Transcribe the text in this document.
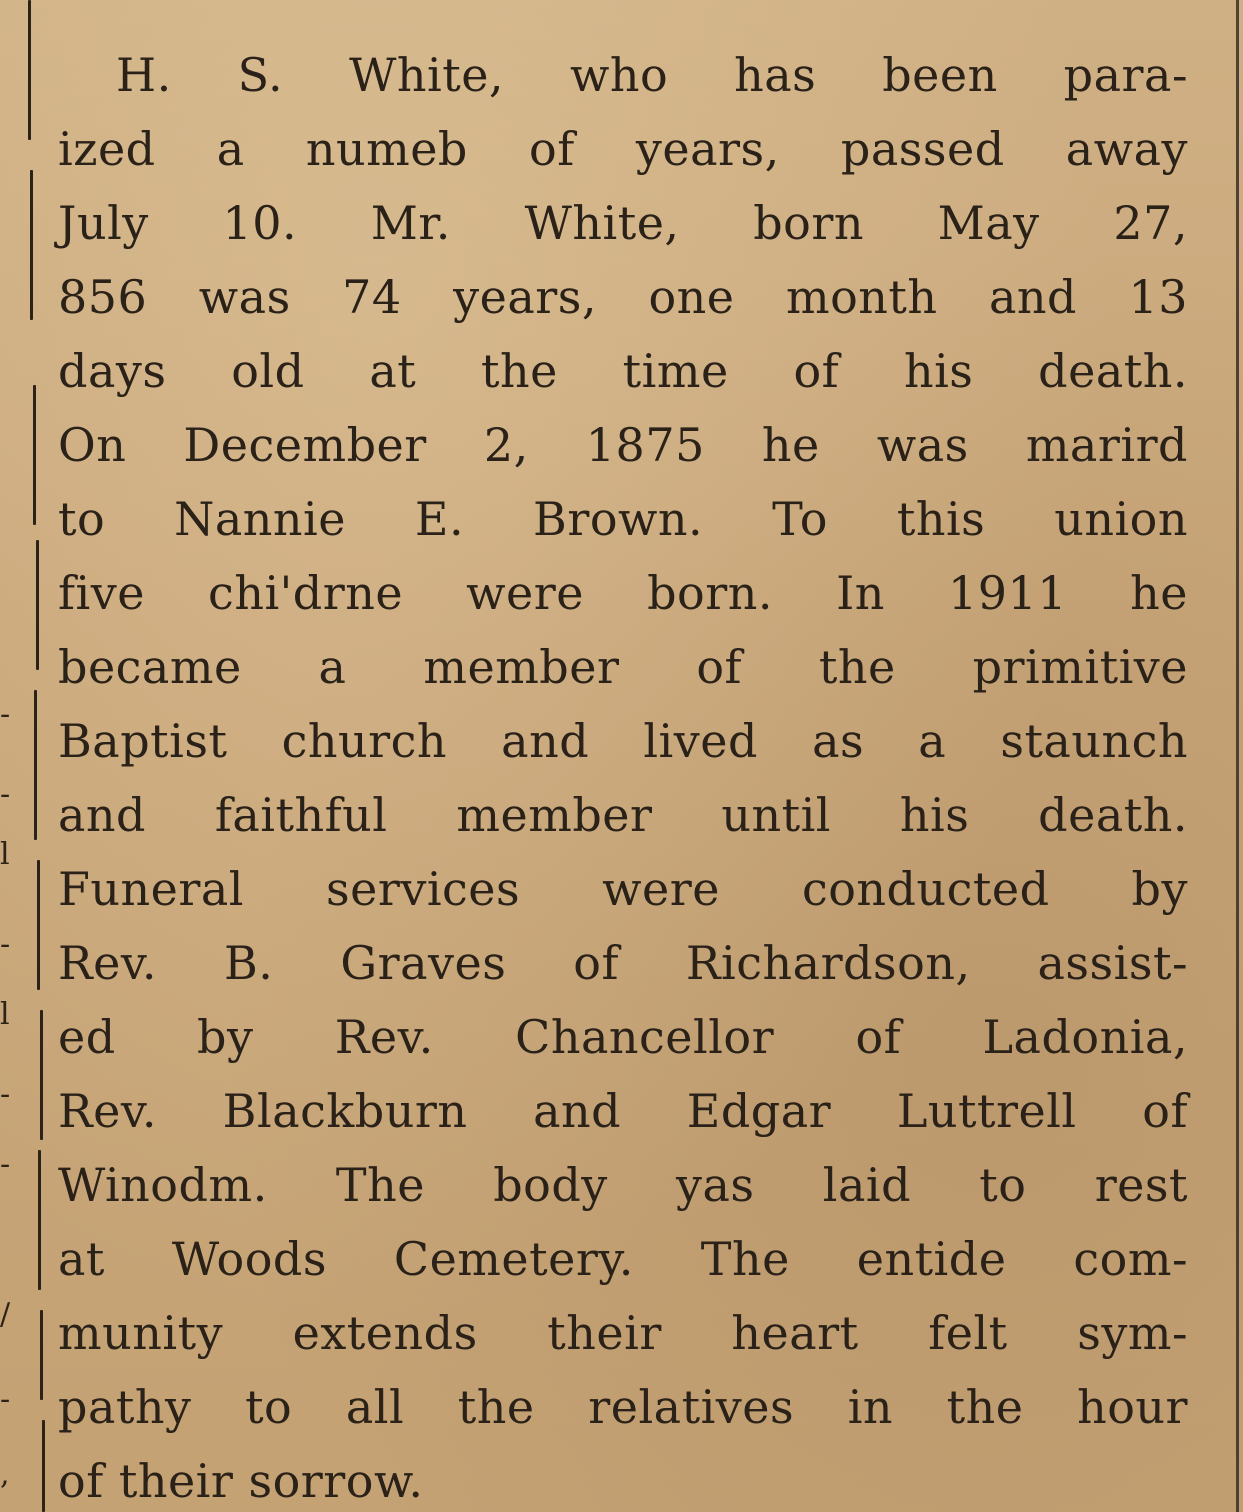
-
-
l
-
l
-
-
/
-
,
H. S. White, who has been para-
ized a numeb of years, passed away
July 10. Mr. White, born May 27,
856 was 74 years, one month and 13
days old at the time of his death.
On December 2, 1875 he was marird
to Nannie E. Brown. To this union
five chi'drne were born. In 1911 he
became a member of the primitive
Baptist church and lived as a staunch
and faithful member until his death.
Funeral services were conducted by
Rev. B. Graves of Richardson, assist-
ed by Rev. Chancellor of Ladonia,
Rev. Blackburn and Edgar Luttrell of
Winodm. The body yas laid to rest
at Woods Cemetery. The entide com-
munity extends their heart felt sym-
pathy to all the relatives in the hour
of their sorrow.
